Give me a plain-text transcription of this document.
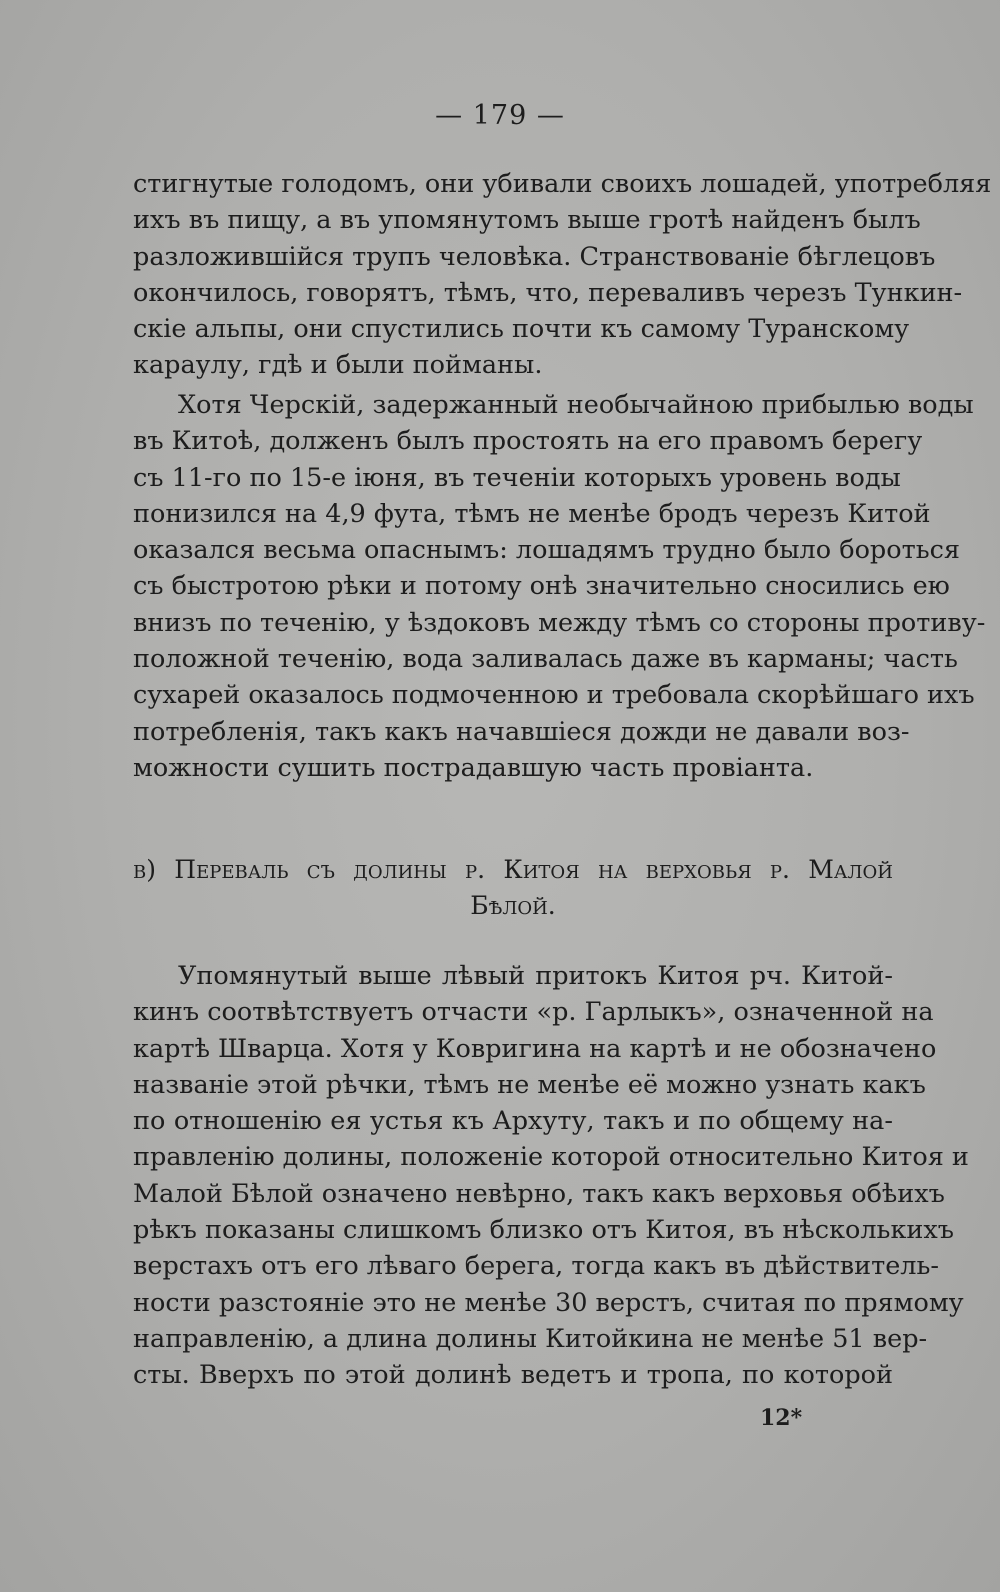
— 179 —
стигнутые голодомъ, они убивали своихъ лошадей, употребляя
ихъ въ пищу, а въ упомянутомъ выше гротѣ найденъ былъ
разложившійся трупъ человѣка. Странствованіе бѣглецовъ
окончилось, говорятъ, тѣмъ, что, переваливъ черезъ Тункин-
скіе альпы, они спустились почти къ самому Туранскому
караулу, гдѣ и были пойманы.
Хотя Черскій, задержанный необычайною прибылью воды
въ Китоѣ, долженъ былъ простоять на его правомъ берегу
съ 11-го по 15-е іюня, въ теченіи которыхъ уровень воды
понизился на 4,9 фута, тѣмъ не менѣе бродъ черезъ Китой
оказался весьма опаснымъ: лошадямъ трудно было бороться
съ быстротою рѣки и потому онѣ значительно сносились ею
внизъ по теченію, у ѣздоковъ между тѣмъ со стороны противу-
положной теченію, вода заливалась даже въ карманы; часть
сухарей оказалось подмоченною и требовала скорѣйшаго ихъ
потребленія, такъ какъ начавшіеся дожди не давали воз-
можности сушить пострадавшую часть провіанта.
в) Переваль съ долины р. Китоя на верховья р. Малой
Бѣлой.
Упомянутый выше лѣвый притокъ Китоя рч. Китой-
кинъ соотвѣтствуетъ отчасти «р. Гарлыкъ», означенной на
картѣ Шварца. Хотя у Ковригина на картѣ и не обозначено
названіе этой рѣчки, тѣмъ не менѣе её можно узнать какъ
по отношенію ея устья къ Архуту, такъ и по общему на-
правленію долины, положеніе которой относительно Китоя и
Малой Бѣлой означено невѣрно, такъ какъ верховья обѣихъ
рѣкъ показаны слишкомъ близко отъ Китоя, въ нѣсколькихъ
верстахъ отъ его лѣваго берега, тогда какъ въ дѣйствитель-
ности разстояніе это не менѣе 30 верстъ, считая по прямому
направленію, а длина долины Китойкина не менѣе 51 вер-
сты. Вверхъ по этой долинѣ ведетъ и тропа, по которой
12*
